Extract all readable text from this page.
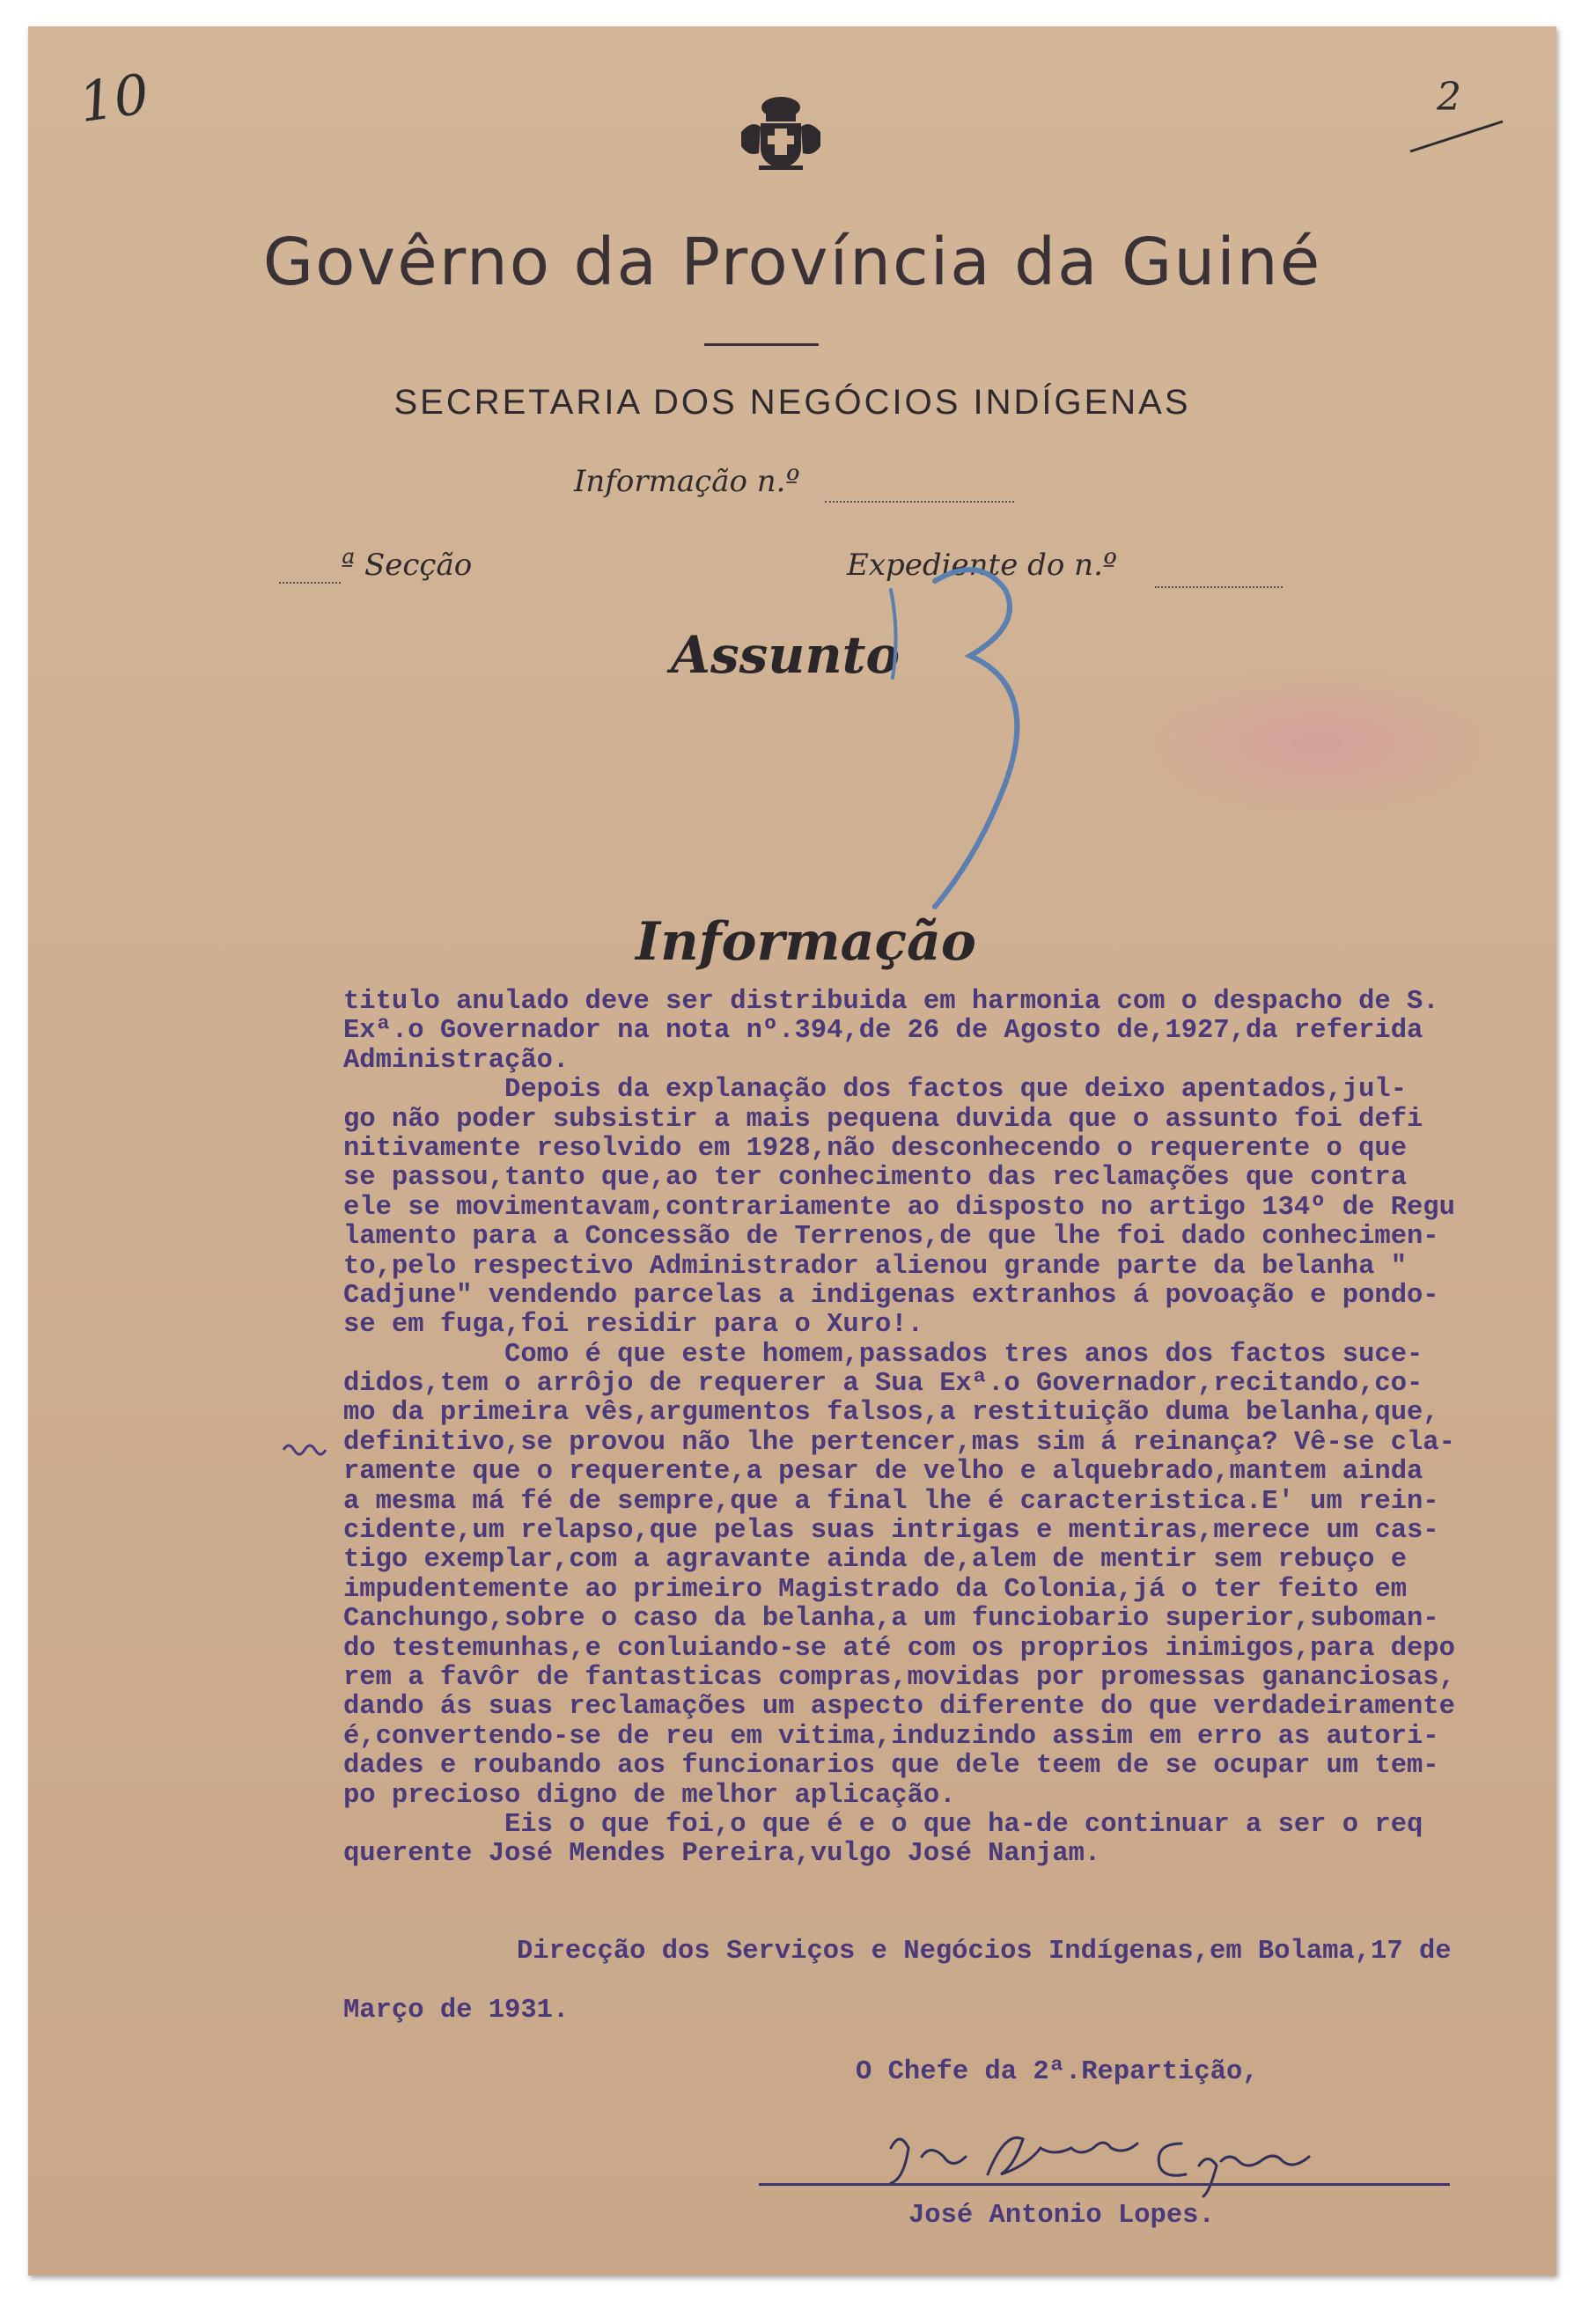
10	2
Govêrno da Província da Guiné
SECRETARIA DOS NEGÓCIOS INDÍGENAS
Informação n.º
ª Secção	Expediente do n.º
Assunto
Informação
titulo anulado deve ser distribuida em harmonia com o despacho de S.
Exª.o Governador na nota nº.394,de 26 de Agosto de,1927,da referida
Administração.
Depois da explanação dos factos que deixo apentados,jul-
go não poder subsistir a mais pequena duvida que o assunto foi defi
nitivamente resolvido em 1928,não desconhecendo o requerente o que
se passou,tanto que,ao ter conhecimento das reclamações que contra
ele se movimentavam,contrariamente ao disposto no artigo 134º de Regu
lamento para a Concessão de Terrenos,de que lhe foi dado conhecimen-
to,pelo respectivo Administrador alienou grande parte da belanha "
Cadjune" vendendo parcelas a indigenas extranhos á povoação e pondo-
se em fuga,foi residir para o Xuro!.
Como é que este homem,passados tres anos dos factos suce-
didos,tem o arrôjo de requerer a Sua Exª.o Governador,recitando,co-
mo da primeira vês,argumentos falsos,a restituição duma belanha,que,
definitivo,se provou não lhe pertencer,mas sim á reinança? Vê-se cla-
ramente que o requerente,a pesar de velho e alquebrado,mantem ainda
a mesma má fé de sempre,que a final lhe é caracteristica.E' um rein-
cidente,um relapso,que pelas suas intrigas e mentiras,merece um cas-
tigo exemplar,com a agravante ainda de,alem de mentir sem rebuço e
impudentemente ao primeiro Magistrado da Colonia,já o ter feito em
Canchungo,sobre o caso da belanha,a um funciobario superior,suboman-
do testemunhas,e conluiando-se até com os proprios inimigos,para depo
rem a favôr de fantasticas compras,movidas por promessas gananciosas,
dando ás suas reclamações um aspecto diferente do que verdadeiramente
é,convertendo-se de reu em vitima,induzindo assim em erro as autori-
dades e roubando aos funcionarios que dele teem de se ocupar um tem-
po precioso digno de melhor aplicação.
Eis o que foi,o que é e o que ha-de continuar a ser o req
querente José Mendes Pereira,vulgo José Nanjam.
Direcção dos Serviços e Negócios Indígenas,em Bolama,17 de
Março de 1931.
O Chefe da 2ª.Repartição,
José Antonio Lopes.
